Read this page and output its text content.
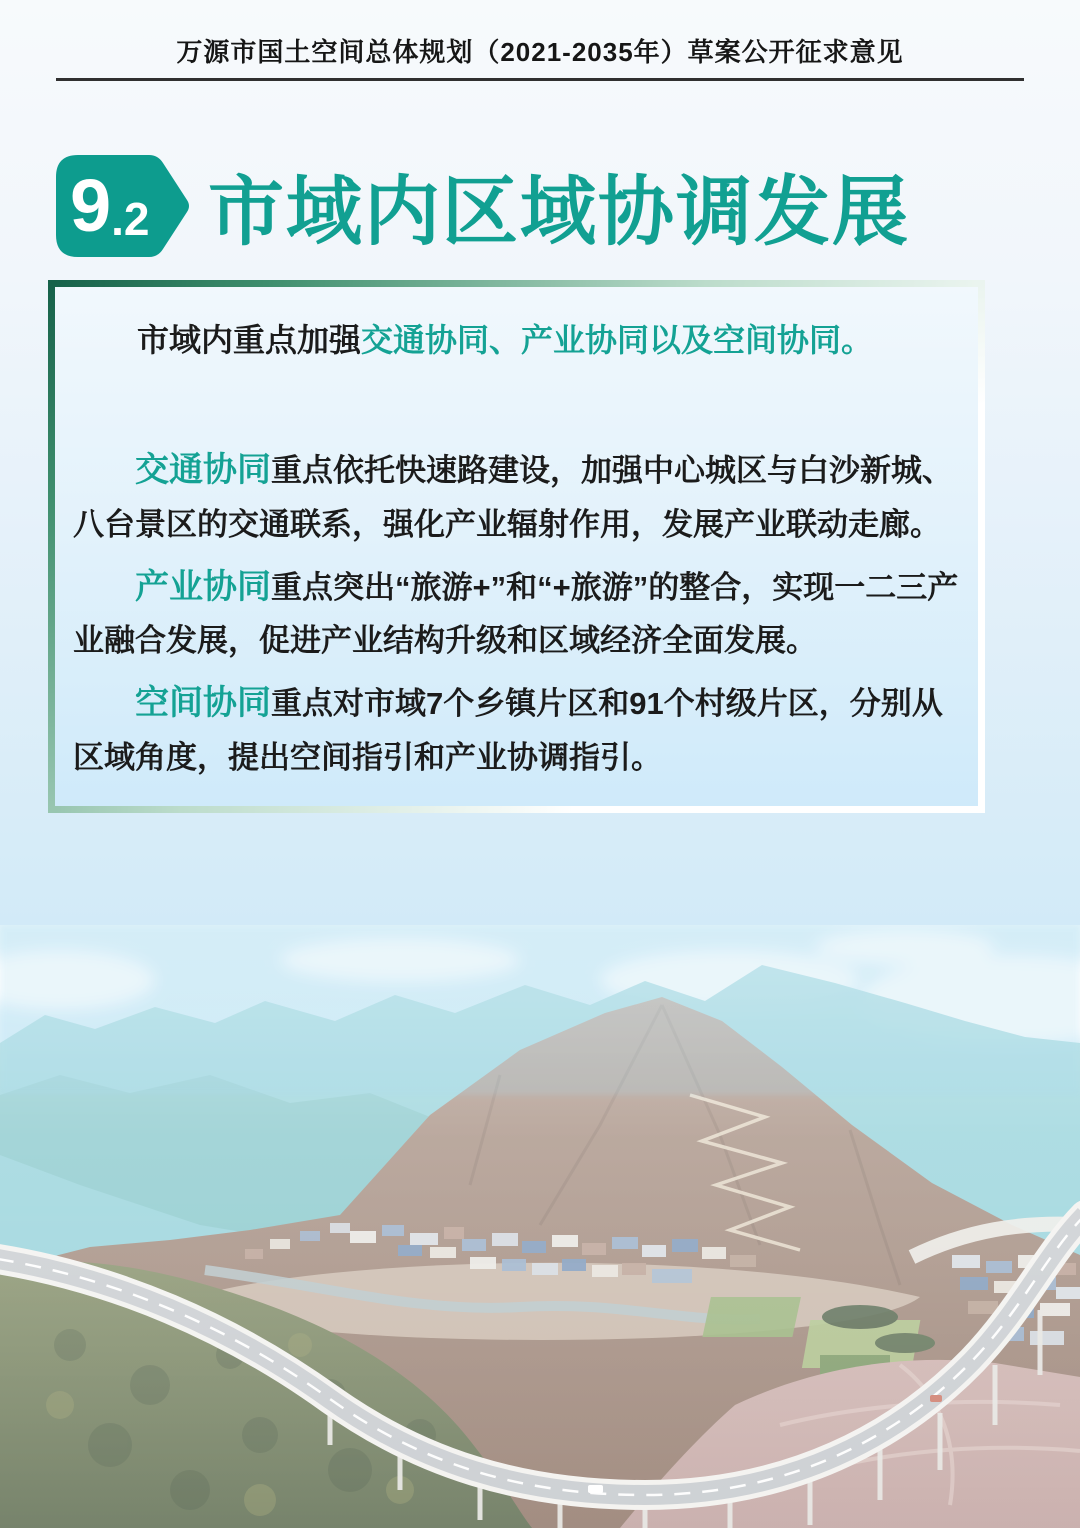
万源市国土空间总体规划（2021-2035年）草案公开征求意见
9 .2 市域内区域协调发展

市域内重点加强交通协同、产业协同以及空间协同。

交通协同重点依托快速路建设，加强中心城区与白沙新城、八台景区的交通联系，强化产业辐射作用，发展产业联动走廊。

产业协同重点突出“旅游+”和“+旅游”的整合，实现一二三产业融合发展，促进产业结构升级和区域经济全面发展。

空间协同重点对市域7个乡镇片区和91个村级片区，分别从区域角度，提出空间指引和产业协调指引。
